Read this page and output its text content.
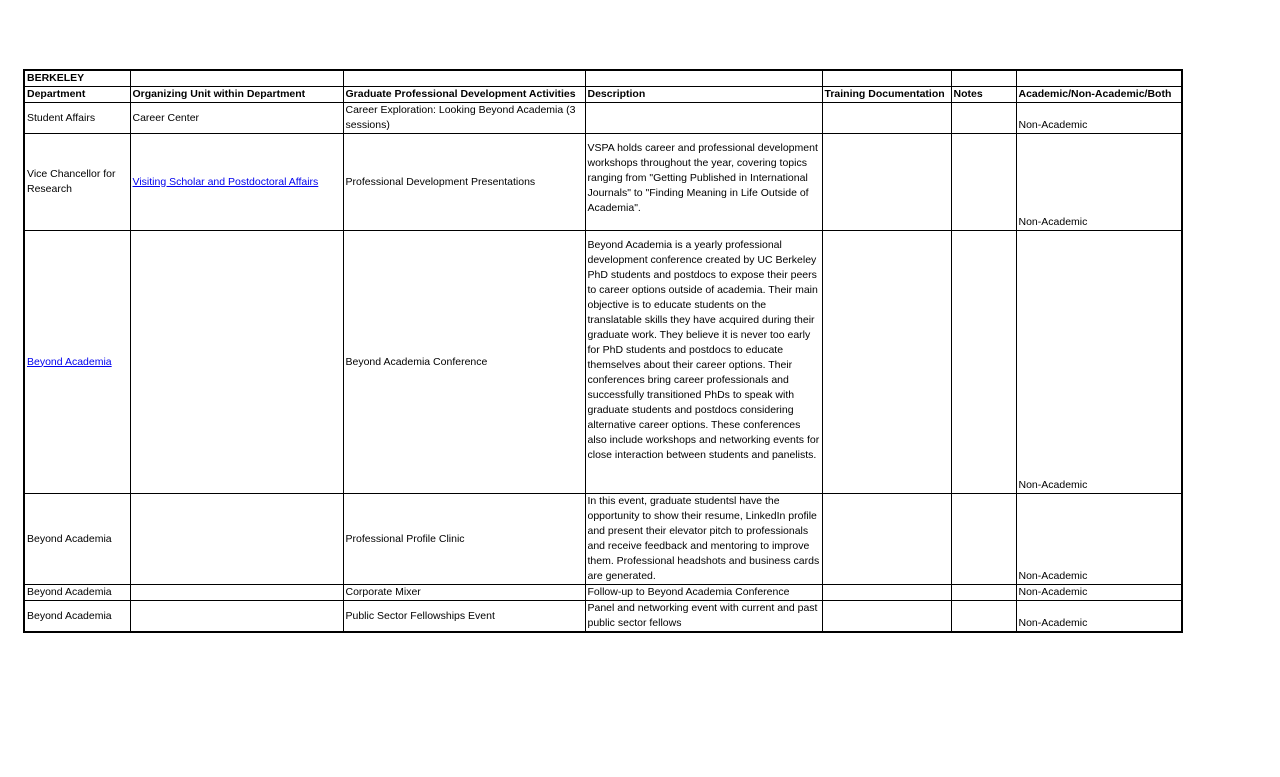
BERKELEY						
Department	Organizing Unit within Department	Graduate Professional Development Activities	Description	Training Documentation	Notes	Academic/Non-Academic/Both
Student Affairs	Career Center	Career Exploration: Looking Beyond Academia (3 sessions)				Non-Academic
Vice Chancellor for Research	Visiting Scholar and Postdoctoral Affairs	Professional Development Presentations	VSPA holds career and professional development workshops throughout the year, covering topics ranging from "Getting Published in International Journals" to "Finding Meaning in Life Outside of Academia".			Non-Academic
Beyond Academia		Beyond Academia Conference	Beyond Academia is a yearly professional development conference created by UC Berkeley PhD students and postdocs to expose their peers to career options outside of academia. Their main objective is to educate students on the translatable skills they have acquired during their graduate work. They believe it is never too early for PhD students and postdocs to educate themselves about their career options. Their conferences bring career professionals and successfully transitioned PhDs to speak with graduate students and postdocs considering alternative career options. These conferences also include workshops and networking events for close interaction between students and panelists.			Non-Academic
Beyond Academia		Professional Profile Clinic	In this event, graduate studentsl have the opportunity to show their resume, LinkedIn profile and present their elevator pitch to professionals and receive feedback and mentoring to improve them. Professional headshots and business cards are generated.			Non-Academic
Beyond Academia		Corporate Mixer	Follow-up to Beyond Academia Conference			Non-Academic
Beyond Academia		Public Sector Fellowships Event	Panel and networking event with current and past public sector fellows			Non-Academic
